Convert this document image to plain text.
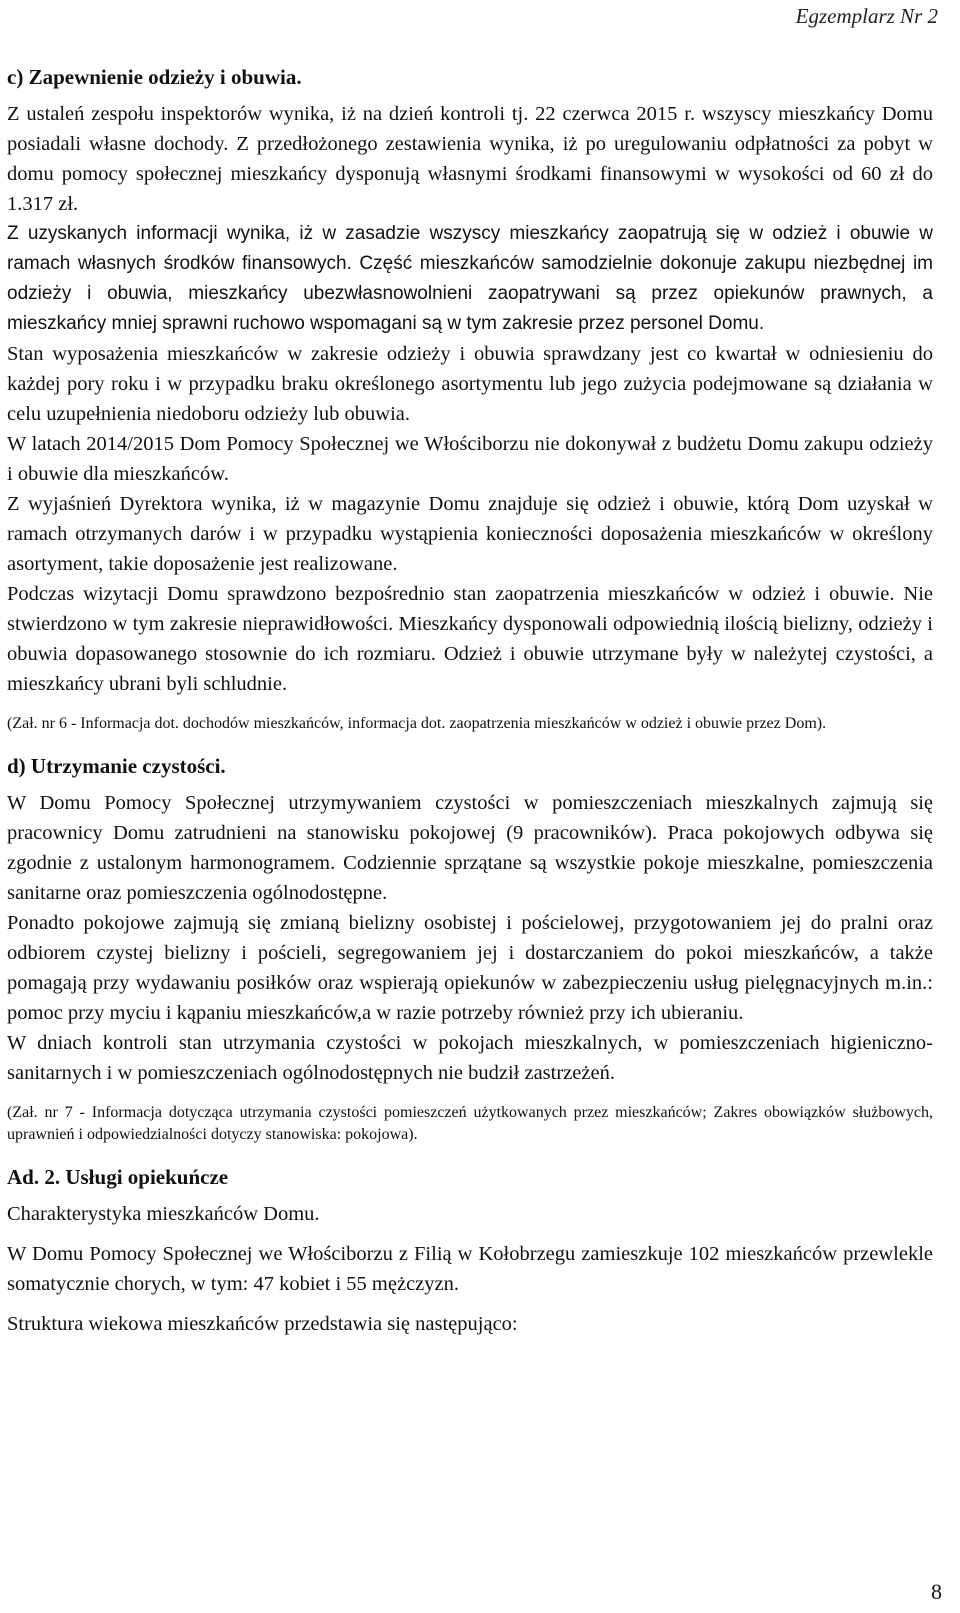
Egzemplarz Nr 2
c) Zapewnienie odzieży i obuwia.

Z ustaleń zespołu inspektorów wynika, iż na dzień kontroli tj. 22 czerwca 2015 r. wszyscy mieszkańcy Domu posiadali własne dochody. Z przedłożonego zestawienia wynika, iż po uregulowaniu odpłatności za pobyt w domu pomocy społecznej mieszkańcy dysponują własnymi środkami finansowymi w wysokości od 60 zł do 1.317 zł.

Z uzyskanych informacji wynika, iż w zasadzie wszyscy mieszkańcy zaopatrują się w odzież i obuwie w ramach własnych środków finansowych. Część mieszkańców samodzielnie dokonuje zakupu niezbędnej im odzieży i obuwia, mieszkańcy ubezwłasnowolnieni zaopatrywani są przez opiekunów prawnych, a mieszkańcy mniej sprawni ruchowo wspomagani są w tym zakresie przez personel Domu.

Stan wyposażenia mieszkańców w zakresie odzieży i obuwia sprawdzany jest co kwartał w odniesieniu do każdej pory roku i w przypadku braku określonego asortymentu lub jego zużycia podejmowane są działania w celu uzupełnienia niedoboru odzieży lub obuwia.

W latach 2014/2015 Dom Pomocy Społecznej we Włościborzu nie dokonywał z budżetu Domu zakupu odzieży i obuwie dla mieszkańców.

Z wyjaśnień Dyrektora wynika, iż w magazynie Domu znajduje się odzież i obuwie, którą Dom uzyskał w ramach otrzymanych darów i w przypadku wystąpienia konieczności doposażenia mieszkańców w określony asortyment, takie doposażenie jest realizowane.

Podczas wizytacji Domu sprawdzono bezpośrednio stan zaopatrzenia mieszkańców w odzież i obuwie. Nie stwierdzono w tym zakresie nieprawidłowości. Mieszkańcy dysponowali odpowiednią ilością bielizny, odzieży i obuwia dopasowanego stosownie do ich rozmiaru. Odzież i obuwie utrzymane były w należytej czystości, a mieszkańcy ubrani byli schludnie.

(Zał. nr 6 - Informacja dot. dochodów mieszkańców, informacja dot. zaopatrzenia mieszkańców w odzież i obuwie przez Dom).

d) Utrzymanie czystości.

W Domu Pomocy Społecznej utrzymywaniem czystości w pomieszczeniach mieszkalnych zajmują się pracownicy Domu zatrudnieni na stanowisku pokojowej (9 pracowników). Praca pokojowych odbywa się zgodnie z ustalonym harmonogramem. Codziennie sprzątane są wszystkie pokoje mieszkalne, pomieszczenia sanitarne oraz pomieszczenia ogólnodostępne.

Ponadto pokojowe zajmują się zmianą bielizny osobistej i pościelowej, przygotowaniem jej do pralni oraz odbiorem czystej bielizny i pościeli, segregowaniem jej i dostarczaniem do pokoi mieszkańców, a także pomagają przy wydawaniu posiłków oraz wspierają opiekunów w zabezpieczeniu usług pielęgnacyjnych m.in.: pomoc przy myciu i kąpaniu mieszkańców,a w razie potrzeby również przy ich ubieraniu.

W dniach kontroli stan utrzymania czystości w pokojach mieszkalnych, w pomieszczeniach higieniczno-sanitarnych i w pomieszczeniach ogólnodostępnych nie budził zastrzeżeń.

(Zał. nr 7 - Informacja dotycząca utrzymania czystości pomieszczeń użytkowanych przez mieszkańców; Zakres obowiązków służbowych, uprawnień i odpowiedzialności dotyczy stanowiska: pokojowa).

Ad. 2. Usługi opiekuńcze

Charakterystyka mieszkańców Domu.

W Domu Pomocy Społecznej we Włościborzu z Filią w Kołobrzegu zamieszkuje 102 mieszkańców przewlekle somatycznie chorych, w tym: 47 kobiet i 55 mężczyzn.

Struktura wiekowa mieszkańców przedstawia się następująco:

8
